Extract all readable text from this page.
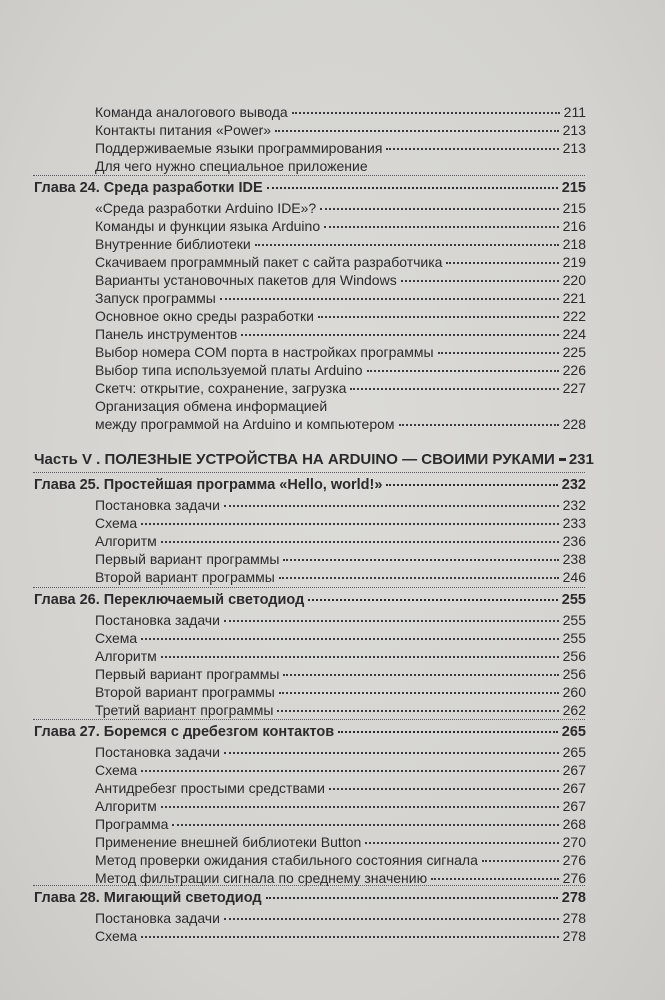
Команда аналогового вывода	211
Контакты питания «Power»	213
Поддерживаемые языки программирования	213
Для чего нужно специальное приложение
Глава 24. Среда разработки IDE	215
«Среда разработки Arduino IDE»?	215
Команды и функции языка Arduino	216
Внутренние библиотеки	218
Скачиваем программный пакет с сайта разработчика	219
Варианты установочных пакетов для Windows	220
Запуск программы	221
Основное окно среды разработки	222
Панель инструментов	224
Выбор номера COM порта в настройках программы	225
Выбор типа используемой платы Arduino	226
Скетч: открытие, сохранение, загрузка	227
Организация обмена информацией
между программой на Arduino и компьютером	228
Часть V . ПОЛЕЗНЫЕ УСТРОЙСТВА НА ARDUINO — СВОИМИ РУКАМИ 231
Глава 25. Простейшая программа «Hello, world!»	232
Постановка задачи	232
Схема	233
Алгоритм	236
Первый вариант программы	238
Второй вариант программы	246
Глава 26. Переключаемый светодиод	255
Постановка задачи	255
Схема	255
Алгоритм	256
Первый вариант программы	256
Второй вариант программы	260
Третий вариант программы	262
Глава 27. Боремся с дребезгом контактов	265
Постановка задачи	265
Схема	267
Антидребезг простыми средствами	267
Алгоритм	267
Программа	268
Применение внешней библиотеки Button	270
Метод проверки ожидания стабильного состояния сигнала	276
Метод фильтрации сигнала по среднему значению	276
Глава 28. Мигающий светодиод	278
Постановка задачи	278
Схема	278
